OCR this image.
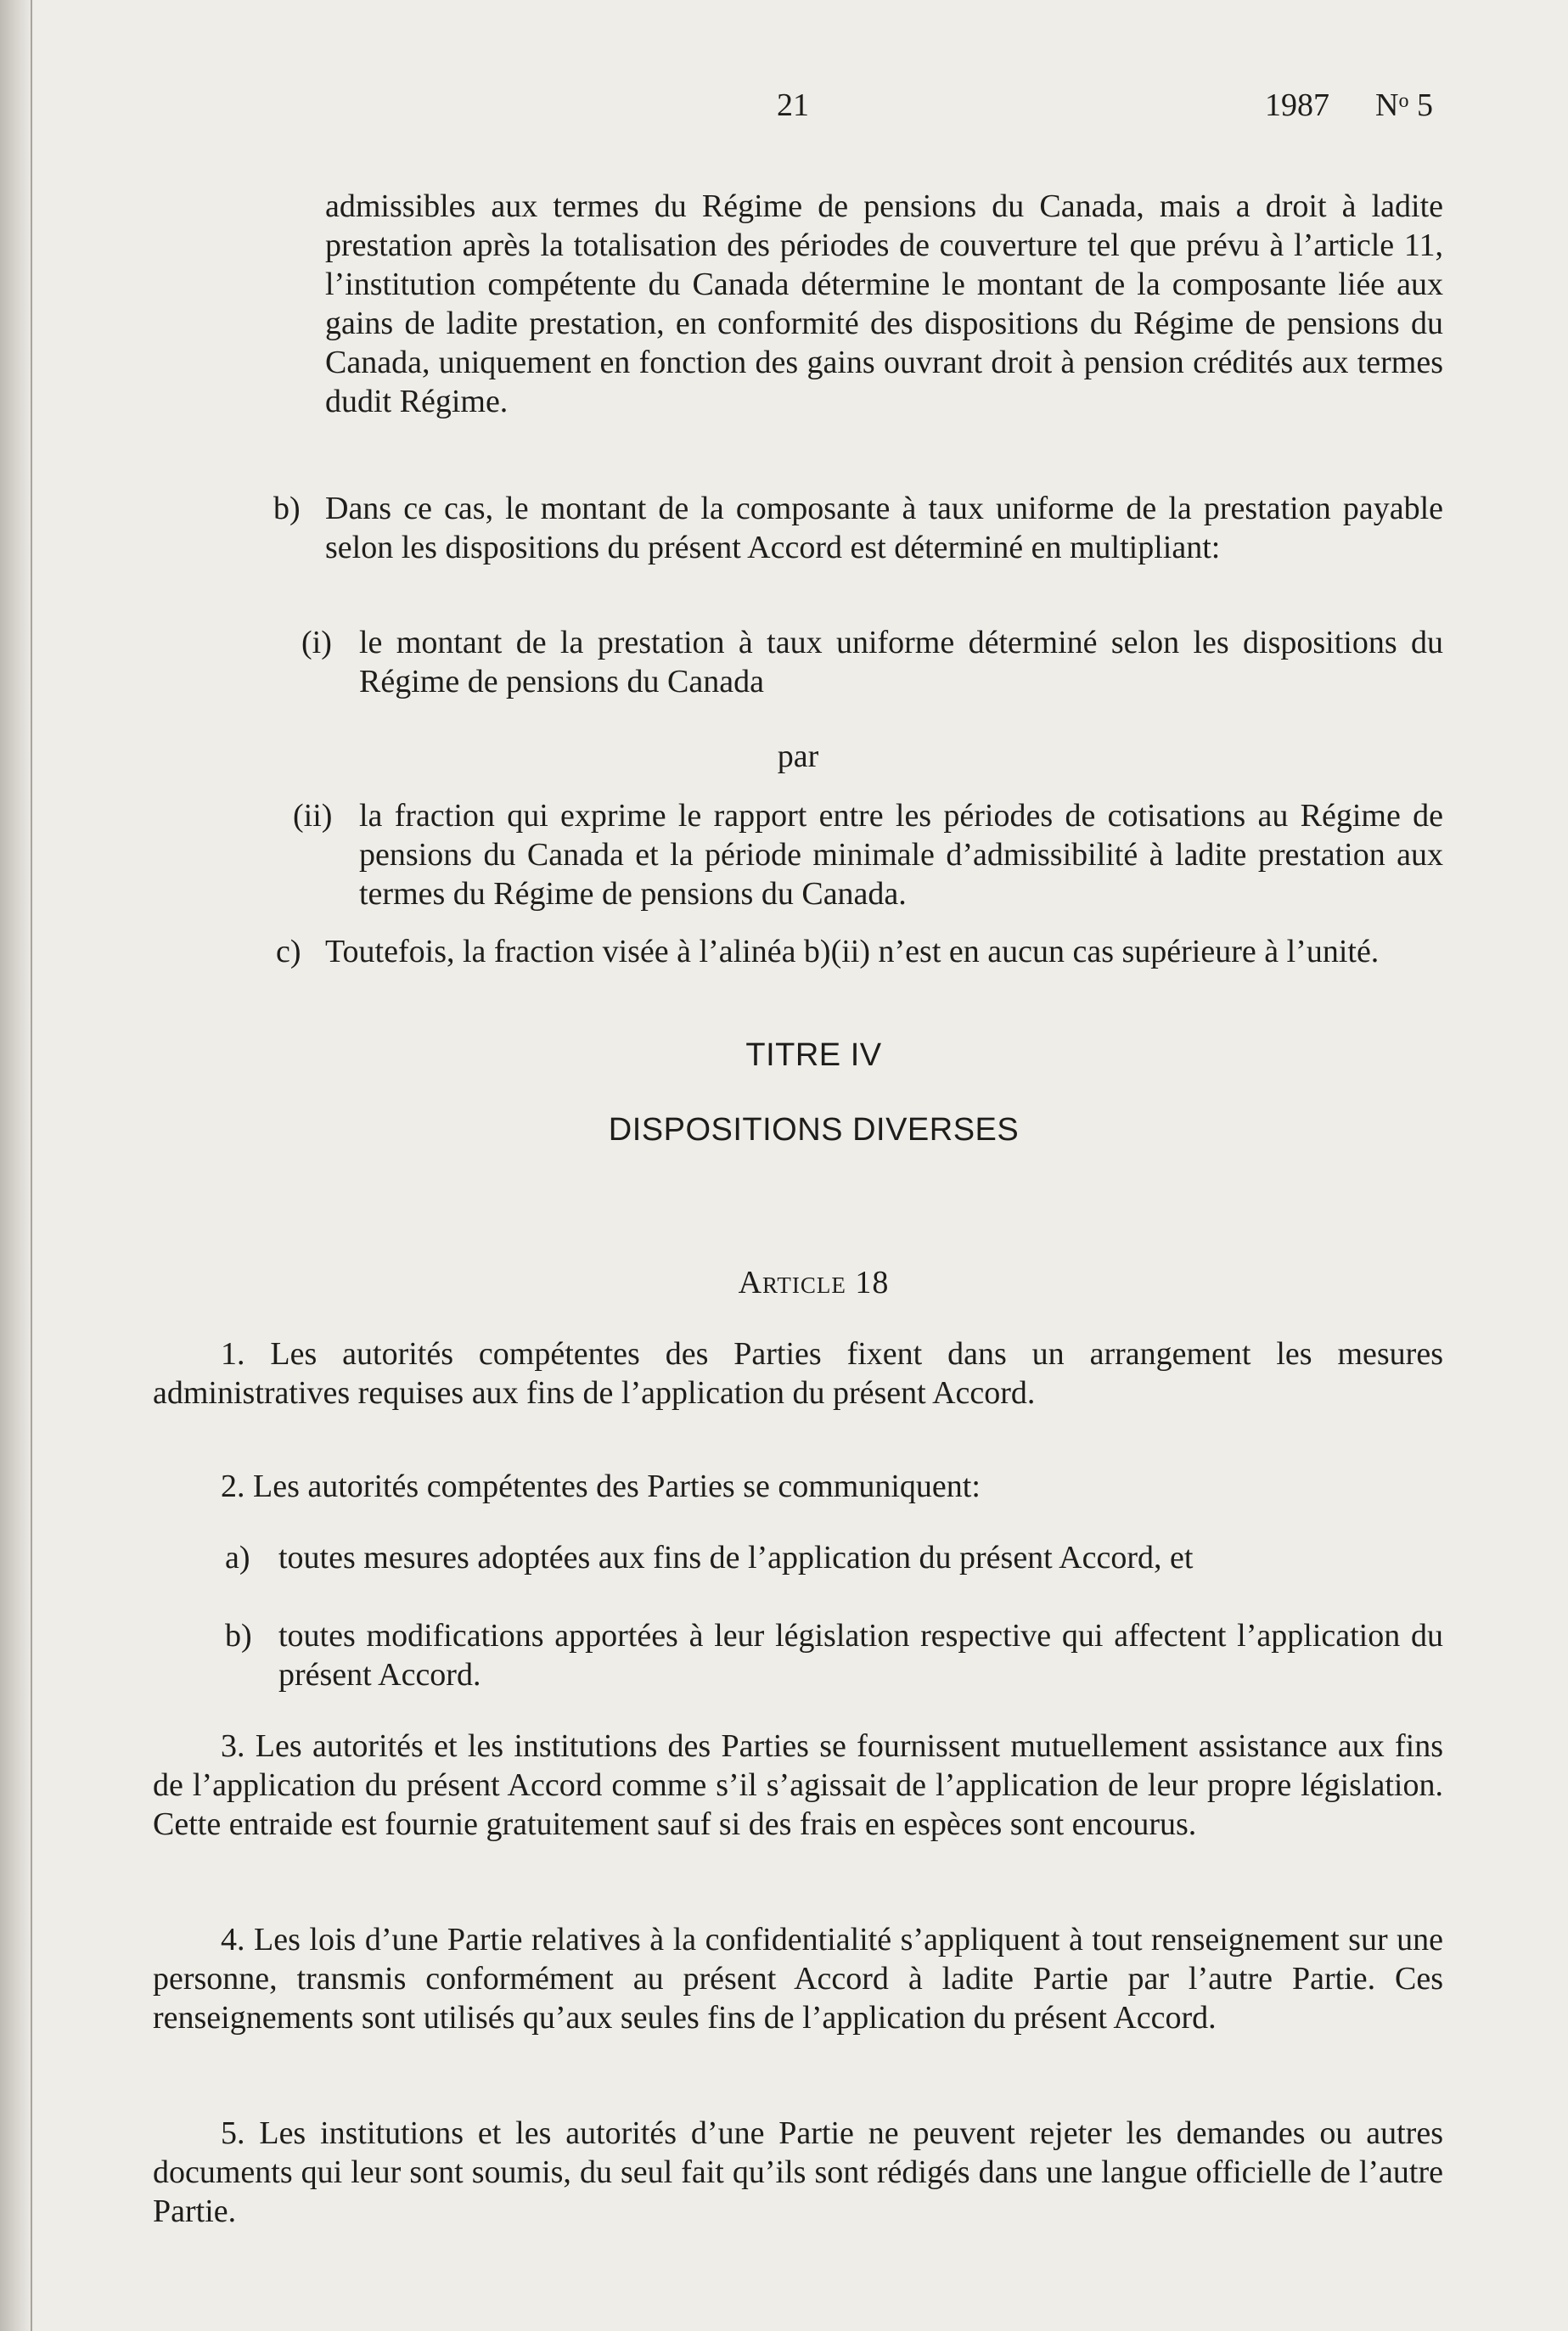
21	1987 $N^o$ 5

admissibles aux termes du Régime de pensions du Canada, mais a droit à ladite prestation après la totalisation des périodes de couverture tel que prévu à l’article 11, l’institution compétente du Canada détermine le montant de la composante liée aux gains de ladite prestation, en conformité des dispositions du Régime de pensions du Canada, uniquement en fonction des gains ouvrant droit à pension crédités aux termes dudit Régime.

b) Dans ce cas, le montant de la composante à taux uniforme de la prestation payable selon les dispositions du présent Accord est déterminé en multipliant:
(i) le montant de la prestation à taux uniforme déterminé selon les dispositions du Régime de pensions du Canada
par
(ii) la fraction qui exprime le rapport entre les périodes de cotisations au Régime de pensions du Canada et la période minimale d’admissibilité à ladite prestation aux termes du Régime de pensions du Canada.
c) Toutefois, la fraction visée à l’alinéa b)(ii) n’est en aucun cas supérieure à l’unité.
TITRE IV
DISPOSITIONS DIVERSES
Article 18
1. Les autorités compétentes des Parties fixent dans un arrangement les mesures administratives requises aux fins de l’application du présent Accord.
2. Les autorités compétentes des Parties se communiquent:
a) toutes mesures adoptées aux fins de l’application du présent Accord, et
b) toutes modifications apportées à leur législation respective qui affectent l’application du présent Accord.
3. Les autorités et les institutions des Parties se fournissent mutuellement assistance aux fins de l’application du présent Accord comme s’il s’agissait de l’application de leur propre législation. Cette entraide est fournie gratuitement sauf si des frais en espèces sont encourus.
4. Les lois d’une Partie relatives à la confidentialité s’appliquent à tout renseignement sur une personne, transmis conformément au présent Accord à ladite Partie par l’autre Partie. Ces renseignements sont utilisés qu’aux seules fins de l’application du présent Accord.
5. Les institutions et les autorités d’une Partie ne peuvent rejeter les demandes ou autres documents qui leur sont soumis, du seul fait qu’ils sont rédigés dans une langue officielle de l’autre Partie.
